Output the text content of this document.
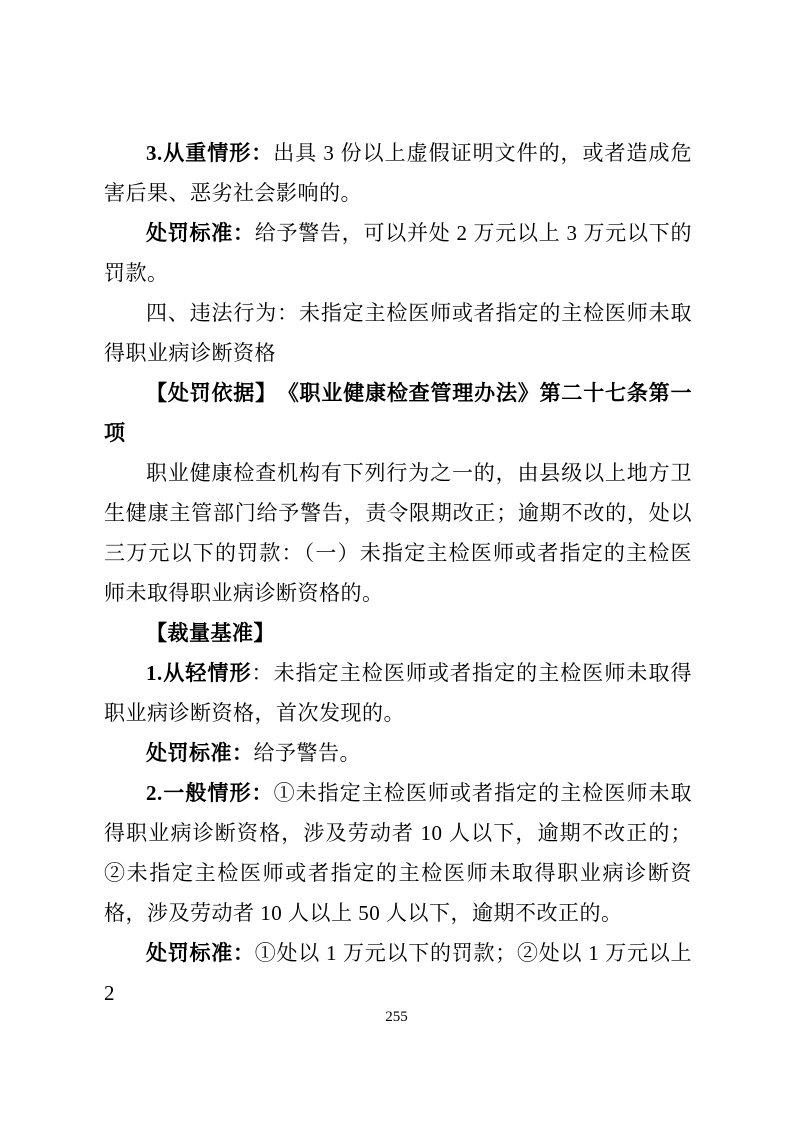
3.从重情形：出具 3 份以上虚假证明文件的，或者造成危害后果、恶劣社会影响的。

处罚标准：给予警告，可以并处 2 万元以上 3 万元以下的罚款。

四、违法行为：未指定主检医师或者指定的主检医师未取得职业病诊断资格

【处罚依据】　《职业健康检查管理办法》第二十七条第一项

职业健康检查机构有下列行为之一的，由县级以上地方卫生健康主管部门给予警告，责令限期改正；逾期不改的，处以三万元以下的罚款：（一）未指定主检医师或者指定的主检医师未取得职业病诊断资格的。

【裁量基准】

1.从轻情形：未指定主检医师或者指定的主检医师未取得职业病诊断资格，首次发现的。

处罚标准：给予警告。

2.一般情形：①未指定主检医师或者指定的主检医师未取得职业病诊断资格，涉及劳动者 10 人以下，逾期不改正的；②未指定主检医师或者指定的主检医师未取得职业病诊断资格，涉及劳动者 10 人以上 50 人以下，逾期不改正的。

处罚标准：①处以 1 万元以下的罚款；②处以 1 万元以上 2

255
